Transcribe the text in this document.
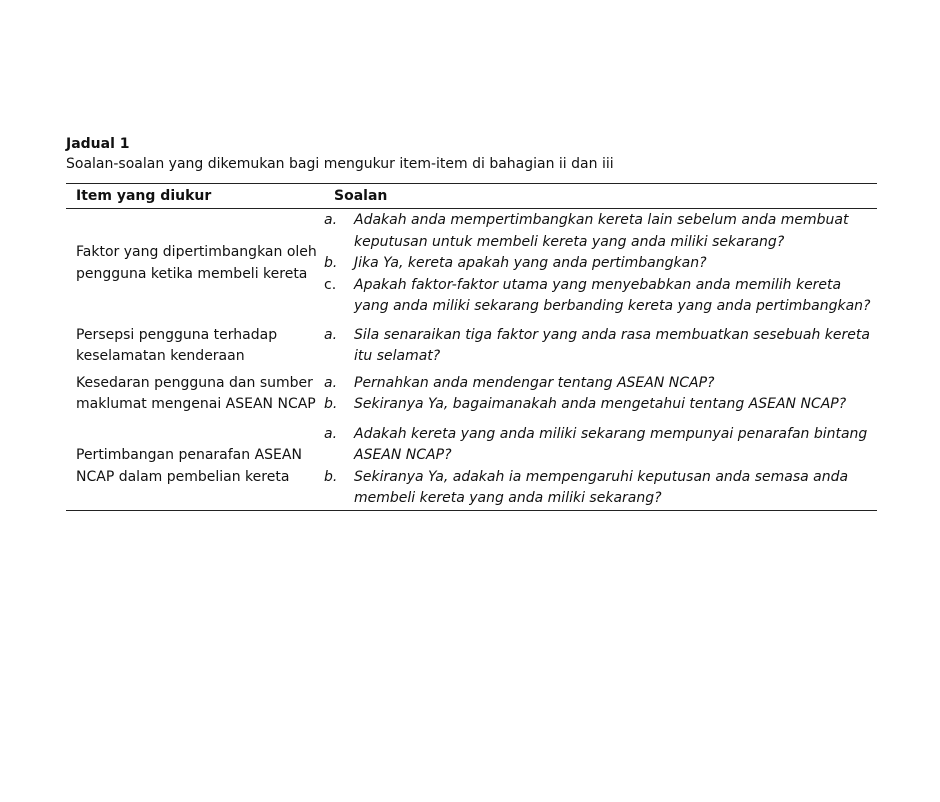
Jadual 1

Soalan-soalan yang dikemukan bagi mengukur item-item di bahagian ii dan iii

Item yang diukur	Soalan
Faktor yang dipertimbangkan oleh pengguna ketika membeli kereta
a.	Adakah anda mempertimbangkan kereta lain sebelum anda membuat keputusan untuk membeli kereta yang anda miliki sekarang?
b.	Jika Ya, kereta apakah yang anda pertimbangkan?
c.	Apakah faktor-faktor utama yang menyebabkan anda memilih kereta yang anda miliki sekarang berbanding kereta yang anda pertimbangkan?
Persepsi pengguna terhadap keselamatan kenderaan
a.	Sila senaraikan tiga faktor yang anda rasa membuatkan sesebuah kereta itu selamat?
Kesedaran pengguna dan sumber maklumat mengenai ASEAN NCAP
a.	Pernahkan anda mendengar tentang ASEAN NCAP?
b.	Sekiranya Ya, bagaimanakah anda mengetahui tentang ASEAN NCAP?
Pertimbangan penarafan ASEAN NCAP dalam pembelian kereta
a.	Adakah kereta yang anda miliki sekarang mempunyai penarafan bintang ASEAN NCAP?
b.	Sekiranya Ya, adakah ia mempengaruhi keputusan anda semasa anda membeli kereta yang anda miliki sekarang?
